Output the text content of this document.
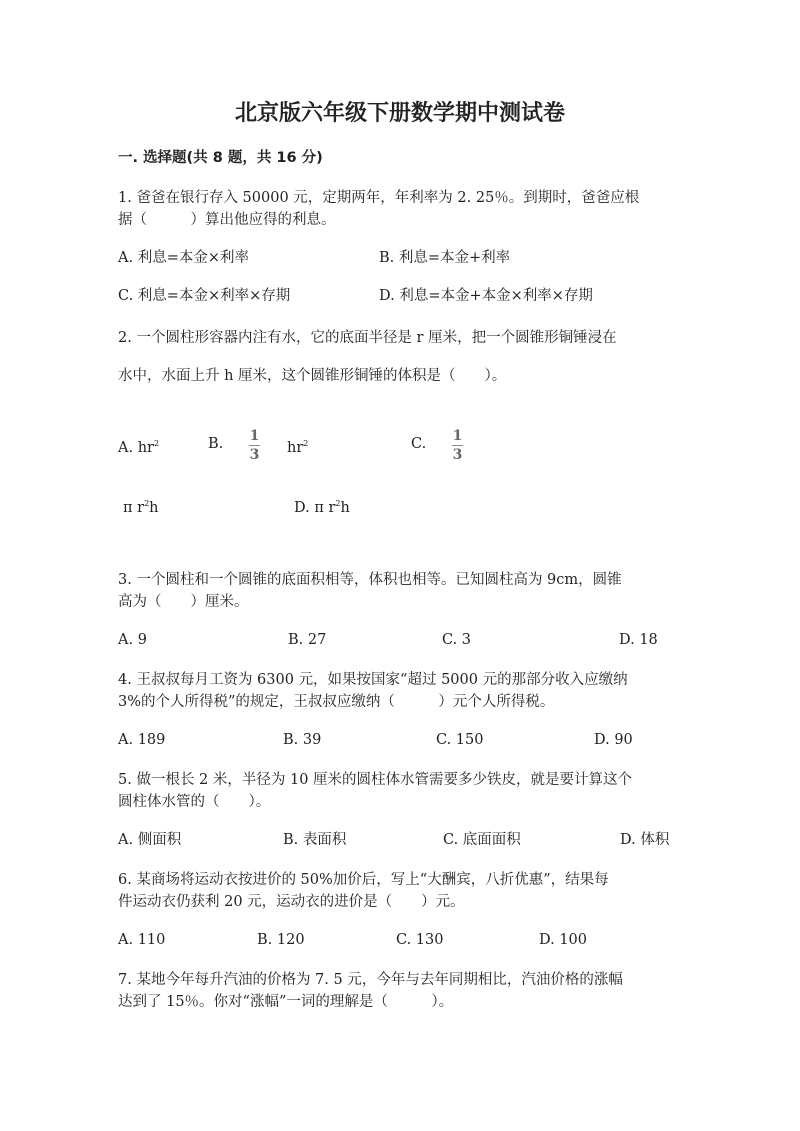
北京版六年级下册数学期中测试卷
一. 选择题(共 8 题，共 16 分)
1. 爸爸在银行存入 50000 元，定期两年，年利率为 2. 25％。到期时，爸爸应根
据（　　　）算出他应得的利息。
A. 利息=本金×利率	B. 利息=本金+利率
C. 利息=本金×利率×存期	D. 利息=本金+本金×利率×存期
2. 一个圆柱形容器内注有水，它的底面半径是 r 厘米，把一个圆锥形铜锤浸在
水中，水面上升 h 厘米，这个圆锥形铜锤的体积是（　　）。
A. $hr^2$	B. 1
3 $hr^2$	C. 1
3
π $r^2h$	D. π $r^2h$
3. 一个圆柱和一个圆锥的底面积相等，体积也相等。已知圆柱高为 9cm，圆锥
高为（　　）厘米。
A. 9	B. 27	C. 3	D. 18
4. 王叔叔每月工资为 6300 元，如果按国家“超过 5000 元的那部分收入应缴纳
3%的个人所得税”的规定，王叔叔应缴纳（　　　）元个人所得税。
A. 189	B. 39	C. 150	D. 90
5. 做一根长 2 米，半径为 10 厘米的圆柱体水管需要多少铁皮，就是要计算这个
圆柱体水管的（　　）。
A. 侧面积	B. 表面积	C. 底面面积	D. 体积
6. 某商场将运动衣按进价的 50%加价后，写上“大酬宾，八折优惠”，结果每
件运动衣仍获利 20 元，运动衣的进价是（　　）元。
A. 110	B. 120	C. 130	D. 100
7. 某地今年每升汽油的价格为 7. 5 元，今年与去年同期相比，汽油价格的涨幅
达到了 15％。你对“涨幅”一词的理解是（　　　）。
